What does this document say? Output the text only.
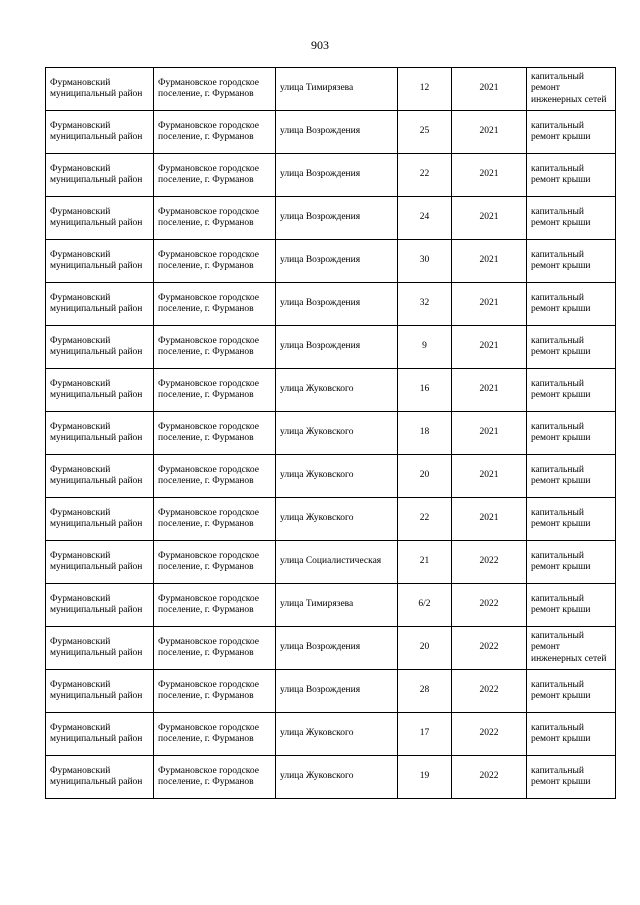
903
Фурмановский муниципальный район	Фурмановское городское поселение, г. Фурманов	улица Тимирязева	12	2021	капитальный ремонт инженерных сетей
Фурмановский муниципальный район	Фурмановское городское поселение, г. Фурманов	улица Возрождения	25	2021	капитальный ремонт крыши
Фурмановский муниципальный район	Фурмановское городское поселение, г. Фурманов	улица Возрождения	22	2021	капитальный ремонт крыши
Фурмановский муниципальный район	Фурмановское городское поселение, г. Фурманов	улица Возрождения	24	2021	капитальный ремонт крыши
Фурмановский муниципальный район	Фурмановское городское поселение, г. Фурманов	улица Возрождения	30	2021	капитальный ремонт крыши
Фурмановский муниципальный район	Фурмановское городское поселение, г. Фурманов	улица Возрождения	32	2021	капитальный ремонт крыши
Фурмановский муниципальный район	Фурмановское городское поселение, г. Фурманов	улица Возрождения	9	2021	капитальный ремонт крыши
Фурмановский муниципальный район	Фурмановское городское поселение, г. Фурманов	улица Жуковского	16	2021	капитальный ремонт крыши
Фурмановский муниципальный район	Фурмановское городское поселение, г. Фурманов	улица Жуковского	18	2021	капитальный ремонт крыши
Фурмановский муниципальный район	Фурмановское городское поселение, г. Фурманов	улица Жуковского	20	2021	капитальный ремонт крыши
Фурмановский муниципальный район	Фурмановское городское поселение, г. Фурманов	улица Жуковского	22	2021	капитальный ремонт крыши
Фурмановский муниципальный район	Фурмановское городское поселение, г. Фурманов	улица Социалистическая	21	2022	капитальный ремонт крыши
Фурмановский муниципальный район	Фурмановское городское поселение, г. Фурманов	улица Тимирязева	6/2	2022	капитальный ремонт крыши
Фурмановский муниципальный район	Фурмановское городское поселение, г. Фурманов	улица Возрождения	20	2022	капитальный ремонт инженерных сетей
Фурмановский муниципальный район	Фурмановское городское поселение, г. Фурманов	улица Возрождения	28	2022	капитальный ремонт крыши
Фурмановский муниципальный район	Фурмановское городское поселение, г. Фурманов	улица Жуковского	17	2022	капитальный ремонт крыши
Фурмановский муниципальный район	Фурмановское городское поселение, г. Фурманов	улица Жуковского	19	2022	капитальный ремонт крыши
